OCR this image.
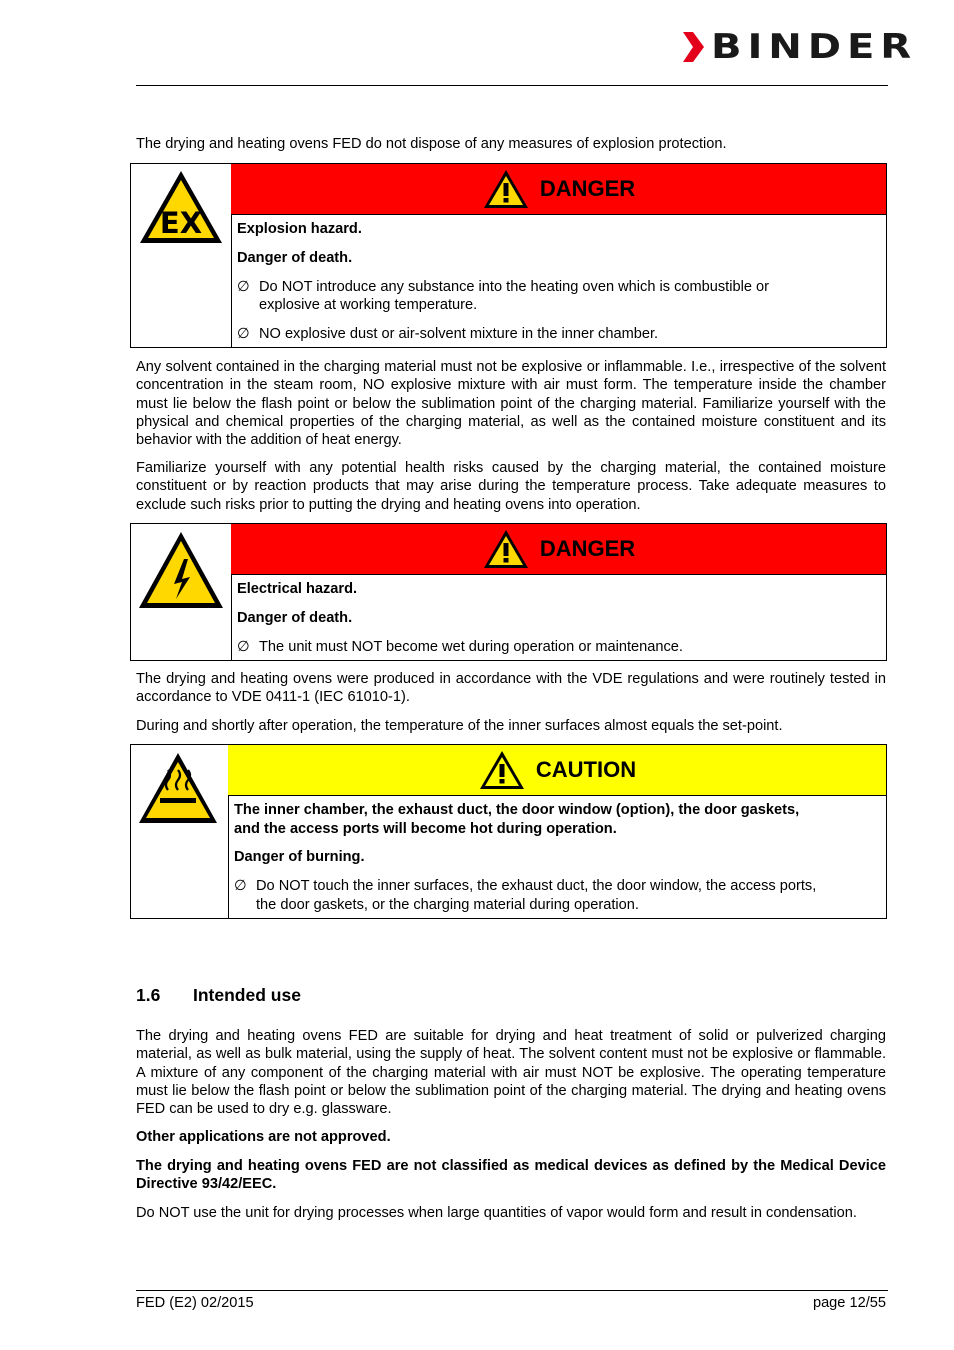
BINDER

The drying and heating ovens FED do not dispose of any measures of explosion protection.

EX
DANGER
Explosion hazard.
Danger of death.
∅ Do NOT introduce any substance into the heating oven which is combustible or
explosive at working temperature.
∅ NO explosive dust or air-solvent mixture in the inner chamber.

Any solvent contained in the charging material must not be explosive or inflammable. I.e., irrespective of the solvent concentration in the steam room, NO explosive mixture with air must form. The temperature inside the chamber must lie below the flash point or below the sublimation point of the charging material. Familiarize yourself with the physical and chemical properties of the charging material, as well as the contained moisture constituent and its behavior with the addition of heat energy.

Familiarize yourself with any potential health risks caused by the charging material, the contained moisture constituent or by reaction products that may arise during the temperature process. Take adequate measures to exclude such risks prior to putting the drying and heating ovens into operation.

DANGER
Electrical hazard.
Danger of death.
∅ The unit must NOT become wet during operation or maintenance.

The drying and heating ovens were produced in accordance with the VDE regulations and were routinely tested in accordance to VDE 0411-1 (IEC 61010-1).

During and shortly after operation, the temperature of the inner surfaces almost equals the set-point.

CAUTION
The inner chamber, the exhaust duct, the door window (option), the door gaskets,
and the access ports will become hot during operation.
Danger of burning.
∅ Do NOT touch the inner surfaces, the exhaust duct, the door window, the access ports,
the door gaskets, or the charging material during operation.
1.6 Intended use

The drying and heating ovens FED are suitable for drying and heat treatment of solid or pulverized charging material, as well as bulk material, using the supply of heat. The solvent content must not be explosive or flammable. A mixture of any component of the charging material with air must NOT be explosive. The operating temperature must lie below the flash point or below the sublimation point of the charging material. The drying and heating ovens FED can be used to dry e.g. glassware.

Other applications are not approved.

The drying and heating ovens FED are not classified as medical devices as defined by the Medical Device Directive 93/42/EEC.

Do NOT use the unit for drying processes when large quantities of vapor would form and result in condensation.

FED (E2) 02/2015	page 12/55
